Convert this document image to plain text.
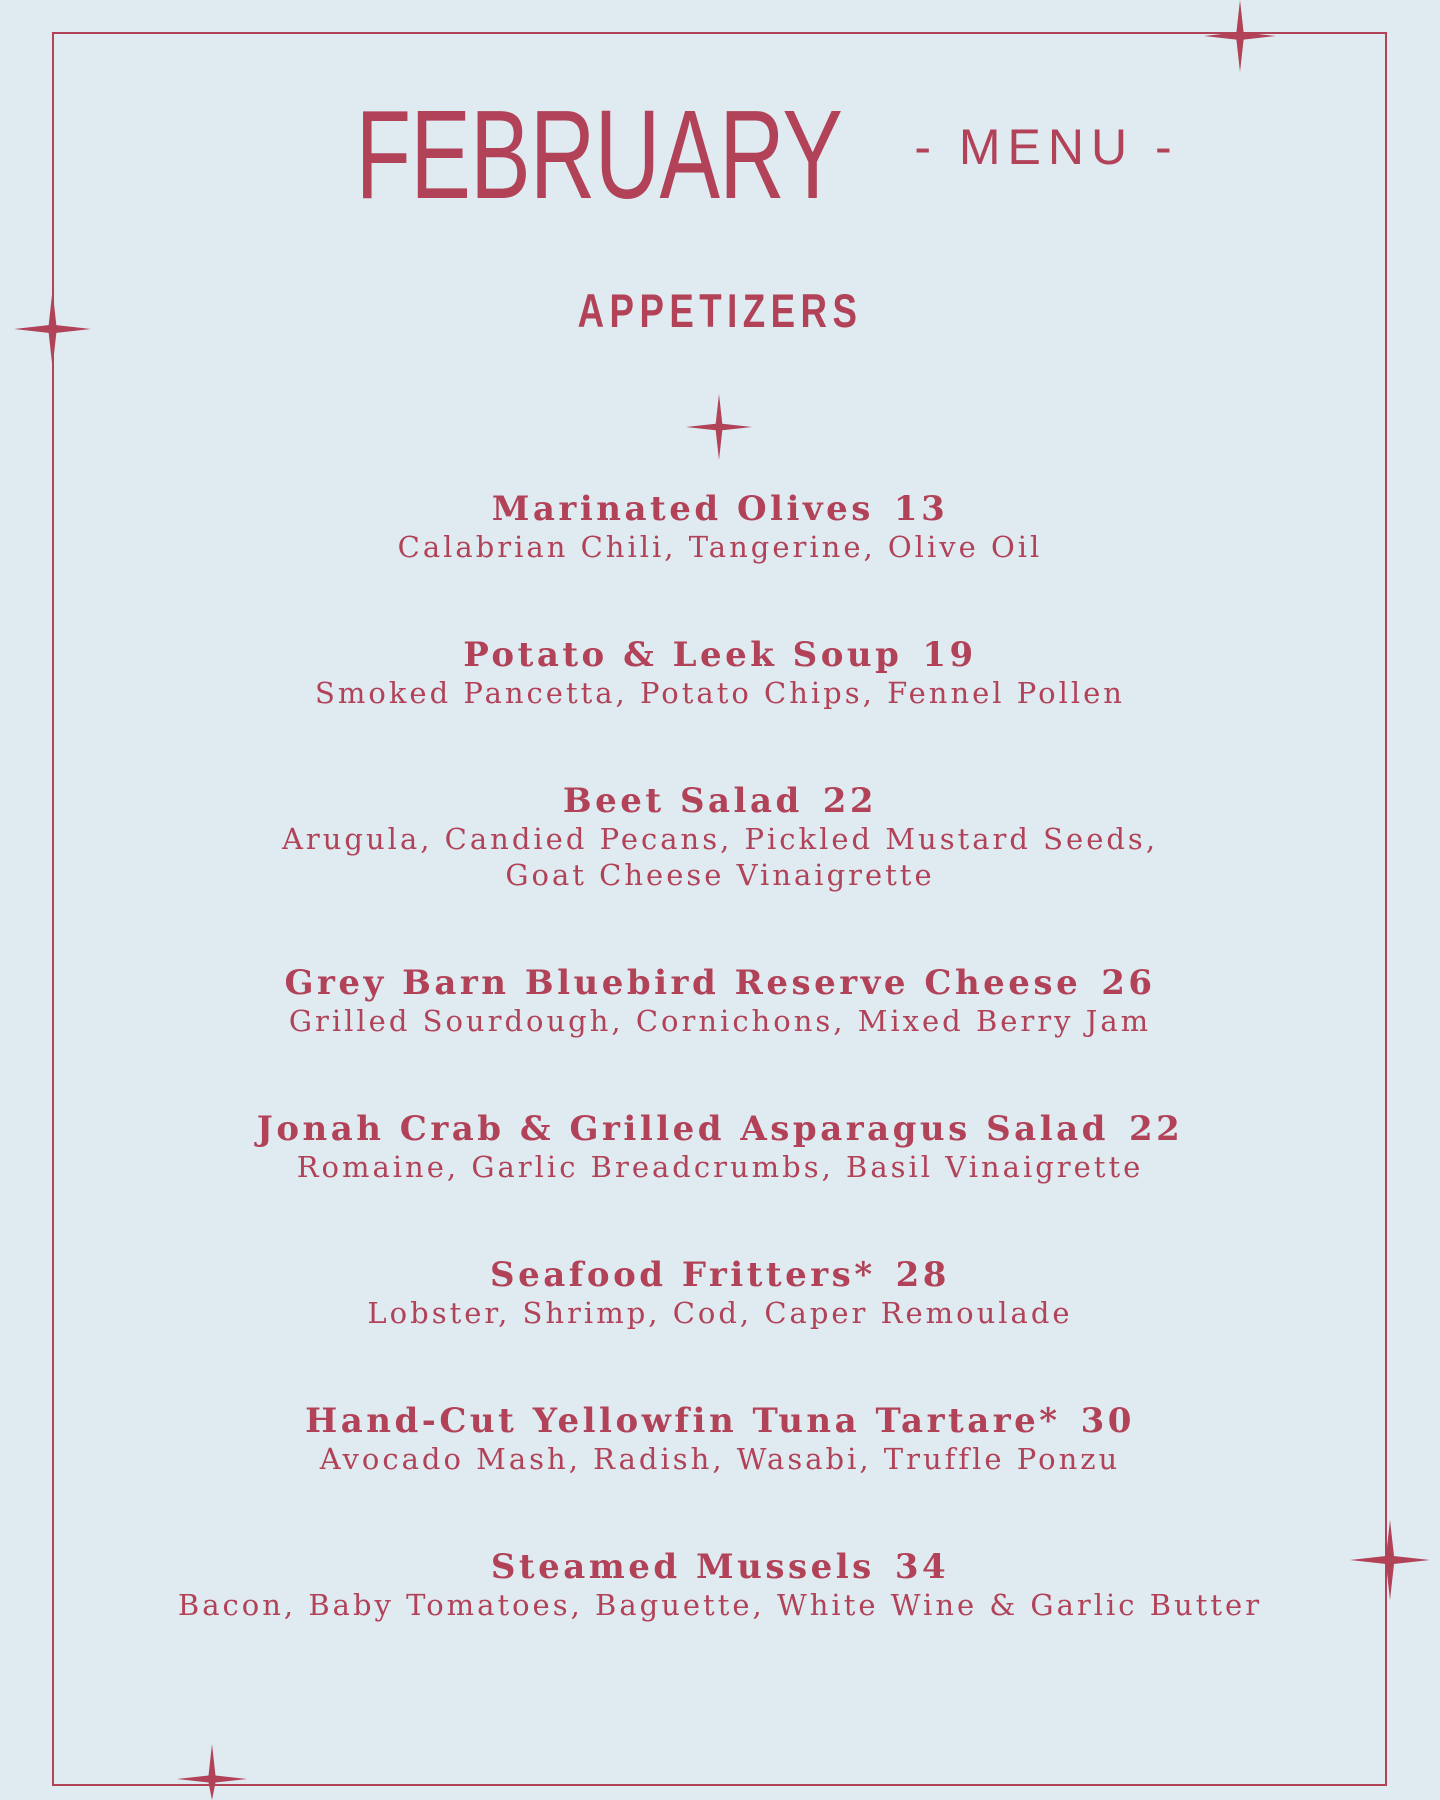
FEBRUARY - MENU -
APPETIZERS
Marinated Olives 13
Calabrian Chili, Tangerine, Olive Oil
Potato & Leek Soup 19
Smoked Pancetta, Potato Chips, Fennel Pollen
Beet Salad 22
Arugula, Candied Pecans, Pickled Mustard Seeds,
Goat Cheese Vinaigrette
Grey Barn Bluebird Reserve Cheese 26
Grilled Sourdough, Cornichons, Mixed Berry Jam
Jonah Crab & Grilled Asparagus Salad 22
Romaine, Garlic Breadcrumbs, Basil Vinaigrette
Seafood Fritters* 28
Lobster, Shrimp, Cod, Caper Remoulade
Hand-Cut Yellowfin Tuna Tartare* 30
Avocado Mash, Radish, Wasabi, Truffle Ponzu
Steamed Mussels 34
Bacon, Baby Tomatoes, Baguette, White Wine & Garlic Butter
